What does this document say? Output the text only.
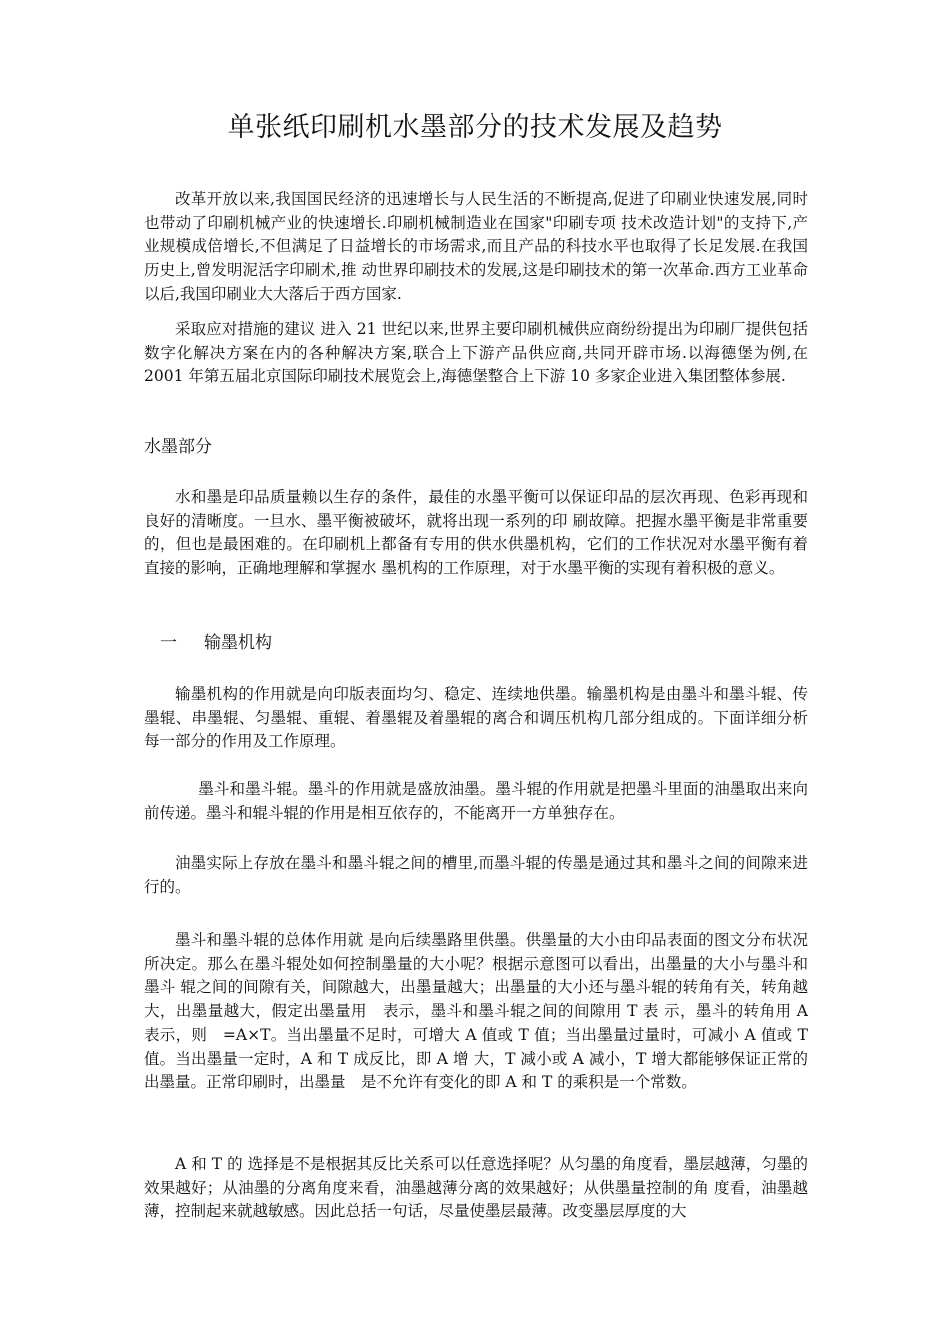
单张纸印刷机水墨部分的技术发展及趋势

改革开放以来,我国国民经济的迅速增长与人民生活的不断提高,促进了印刷业快速发展,同时也带动了印刷机械产业的快速增长.印刷机械制造业在国家"印刷专项 技术改造计划"的支持下,产业规模成倍增长,不但满足了日益增长的市场需求,而且产品的科技水平也取得了长足发展.在我国历史上,曾发明泥活字印刷术,推 动世界印刷技术的发展,这是印刷技术的第一次革命.西方工业革命以后,我国印刷业大大落后于西方国家.

采取应对措施的建议 进入 21 世纪以来,世界主要印刷机械供应商纷纷提出为印刷厂提供包括数字化解决方案在内的各种解决方案,联合上下游产品供应商,共同开辟市场.以海德堡为例,在 2001 年第五届北京国际印刷技术展览会上,海德堡整合上下游 10 多家企业进入集团整体参展.

水墨部分

水和墨是印品质量赖以生存的条件，最佳的水墨平衡可以保证印品的层次再现、色彩再现和良好的清晰度。一旦水、墨平衡被破坏，就将出现一系列的印 刷故障。把握水墨平衡是非常重要的，但也是最困难的。在印刷机上都备有专用的供水供墨机构，它们的工作状况对水墨平衡有着直接的影响，正确地理解和掌握水 墨机构的工作原理，对于水墨平衡的实现有着积极的意义。

一 输墨机构

输墨机构的作用就是向印版表面均匀、稳定、连续地供墨。输墨机构是由墨斗和墨斗辊、传墨辊、串墨辊、匀墨辊、重辊、着墨辊及着墨辊的离合和调压机构几部分组成的。下面详细分析每一部分的作用及工作原理。

墨斗和墨斗辊。墨斗的作用就是盛放油墨。墨斗辊的作用就是把墨斗里面的油墨取出来向前传递。墨斗和辊斗辊的作用是相互依存的，不能离开一方单独存在。

油墨实际上存放在墨斗和墨斗辊之间的槽里,而墨斗辊的传墨是通过其和墨斗之间的间隙来进行的。

墨斗和墨斗辊的总体作用就 是向后续墨路里供墨。供墨量的大小由印品表面的图文分布状况所决定。那么在墨斗辊处如何控制墨量的大小呢？根据示意图可以看出，出墨量的大小与墨斗和墨斗 辊之间的间隙有关，间隙越大，出墨量越大；出墨量的大小还与墨斗辊的转角有关，转角越大，出墨量越大，假定出墨量用　表示，墨斗和墨斗辊之间的间隙用 T 表 示，墨斗的转角用 A 表示，则　=A×T。当出墨量不足时，可增大 A 值或 T 值；当出墨量过量时，可减小 A 值或 T 值。当出墨量一定时，A 和 T 成反比，即 A 增 大，T 减小或 A 减小，T 增大都能够保证正常的出墨量。正常印刷时，出墨量　是不允许有变化的即 A 和 T 的乘积是一个常数。

A 和 T 的 选择是不是根据其反比关系可以任意选择呢？从匀墨的角度看，墨层越薄，匀墨的效果越好；从油墨的分离角度来看，油墨越薄分离的效果越好；从供墨量控制的角 度看，油墨越薄，控制起来就越敏感。因此总括一句话，尽量使墨层最薄。改变墨层厚度的大
